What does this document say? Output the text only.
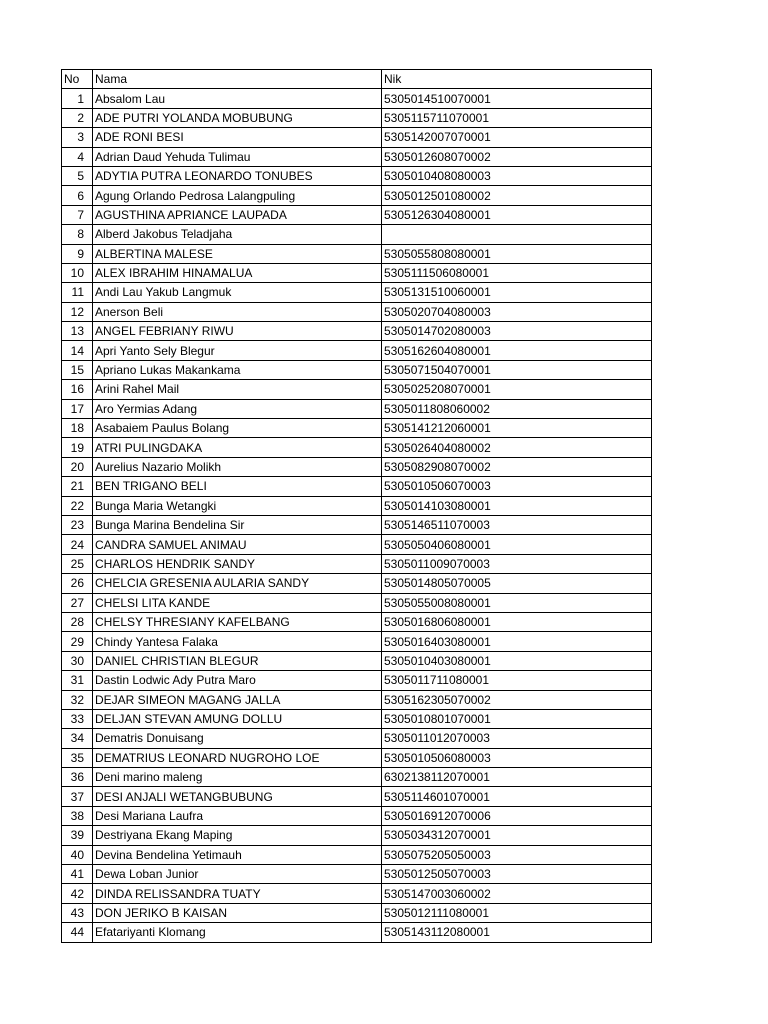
No	Nama	Nik
1	Absalom Lau	5305014510070001
2	ADE PUTRI YOLANDA MOBUBUNG	5305115711070001
3	ADE RONI BESI	5305142007070001
4	Adrian Daud Yehuda Tulimau	5305012608070002
5	ADYTIA PUTRA LEONARDO TONUBES	5305010408080003
6	Agung Orlando Pedrosa Lalangpuling	5305012501080002
7	AGUSTHINA APRIANCE LAUPADA	5305126304080001
8	Alberd Jakobus Teladjaha	
9	ALBERTINA MALESE	5305055808080001
10	ALEX IBRAHIM HINAMALUA	5305111506080001
11	Andi Lau Yakub Langmuk	5305131510060001
12	Anerson Beli	5305020704080003
13	ANGEL FEBRIANY RIWU	5305014702080003
14	Apri Yanto Sely Blegur	5305162604080001
15	Apriano Lukas Makankama	5305071504070001
16	Arini Rahel Mail	5305025208070001
17	Aro Yermias Adang	5305011808060002
18	Asabaiem Paulus Bolang	5305141212060001
19	ATRI PULINGDAKA	5305026404080002
20	Aurelius Nazario Molikh	5305082908070002
21	BEN TRIGANO BELI	5305010506070003
22	Bunga Maria Wetangki	5305014103080001
23	Bunga Marina Bendelina Sir	5305146511070003
24	CANDRA SAMUEL ANIMAU	5305050406080001
25	CHARLOS HENDRIK SANDY	5305011009070003
26	CHELCIA GRESENIA AULARIA SANDY	5305014805070005
27	CHELSI LITA KANDE	5305055008080001
28	CHELSY THRESIANY KAFELBANG	5305016806080001
29	Chindy Yantesa Falaka	5305016403080001
30	DANIEL CHRISTIAN BLEGUR	5305010403080001
31	Dastin Lodwic Ady Putra Maro	5305011711080001
32	DEJAR SIMEON MAGANG JALLA	5305162305070002
33	DELJAN STEVAN AMUNG DOLLU	5305010801070001
34	Dematris Donuisang	5305011012070003
35	DEMATRIUS LEONARD NUGROHO LOE	5305010506080003
36	Deni marino maleng	6302138112070001
37	DESI ANJALI WETANGBUBUNG	5305114601070001
38	Desi Mariana Laufra	5305016912070006
39	Destriyana Ekang Maping	5305034312070001
40	Devina Bendelina Yetimauh	5305075205050003
41	Dewa Loban Junior	5305012505070003
42	DINDA RELISSANDRA TUATY	5305147003060002
43	DON JERIKO B KAISAN	5305012111080001
44	Efatariyanti Klomang	5305143112080001
